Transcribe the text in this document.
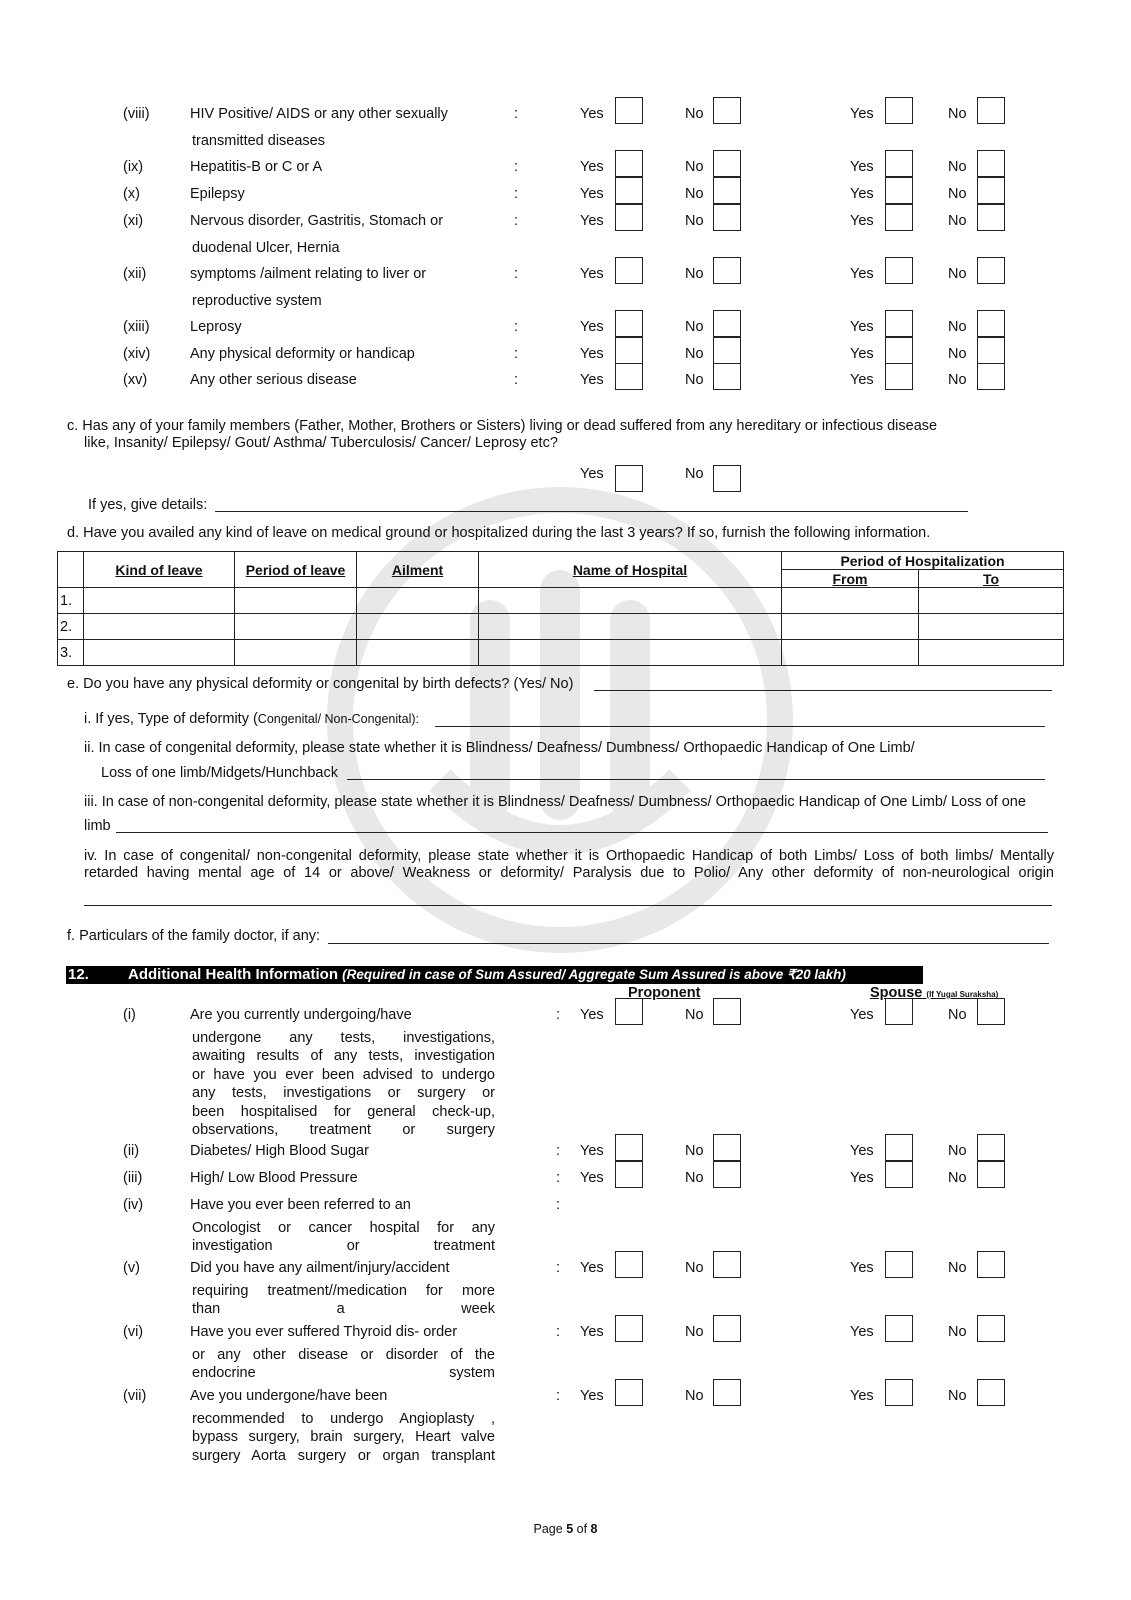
(viii)	HIV Positive/ AIDS or any other sexually
transmitted diseases
:	Yes	No	Yes	No
(ix)	Hepatitis-B or C or A	:	Yes	No	Yes	No
(x)	Epilepsy	:	Yes	No	Yes	No
(xi)	Nervous disorder, Gastritis, Stomach or
duodenal Ulcer, Hernia
:	Yes	No	Yes	No
(xii)	symptoms /ailment relating to liver or
reproductive system
:	Yes	No	Yes	No
(xiii)	Leprosy	:	Yes	No	Yes	No
(xiv)	Any physical deformity or handicap	:	Yes	No	Yes	No
(xv)	Any other serious disease	:	Yes	No	Yes	No
c. Has any of your family members (Father, Mother, Brothers or Sisters) living or dead suffered from any hereditary or infectious disease
like, Insanity/ Epilepsy/ Gout/ Asthma/ Tuberculosis/ Cancer/ Leprosy etc?
Yes	No
If yes, give details:
d. Have you availed any kind of leave on medical ground or hospitalized during the last 3 years? If so, furnish the following information.
	Kind of leave	Period of leave	Ailment	Name of Hospital	Period of Hospitalization	
					From	To
1.						
2.						
3.						
e. Do you have any physical deformity or congenital by birth defects? (Yes/ No)
i. If yes, Type of deformity (Congenital/ Non-Congenital):
ii. In case of congenital deformity, please state whether it is Blindness/ Deafness/ Dumbness/ Orthopaedic Handicap of One Limb/
Loss of one limb/Midgets/Hunchback
iii. In case of non-congenital deformity, please state whether it is Blindness/ Deafness/ Dumbness/ Orthopaedic Handicap of One Limb/ Loss of one
limb
iv. In case of congenital/ non-congenital deformity, please state whether it is Orthopaedic Handicap of both Limbs/ Loss of both limbs/ Mentally
retarded having mental age of 14 or above/ Weakness or deformity/ Paralysis due to Polio/ Any other deformity of non-neurological origin
f. Particulars of the family doctor, if any:
12.	Additional Health Information (Required in case of Sum Assured/ Aggregate Sum Assured is above ₹20 lakh)
Proponent	Spouse (If Yugal Suraksha)
(i)	Are you currently undergoing/have
undergone any tests, investigations,
awaiting results of any tests, investigation
or have you ever been advised to undergo
any tests, investigations or surgery or
been hospitalised for general check-up,
observations, treatment or surgery
: Yes	No	Yes	No
(ii)	Diabetes/ High Blood Sugar	: Yes	No	Yes	No
(iii)	High/ Low Blood Pressure	: Yes	No	Yes	No
(iv)	Have you ever been referred to an
Oncologist or cancer hospital for any
investigation or treatment
:
(v)	Did you have any ailment/injury/accident
requiring treatment//medication for more
than a week
: Yes	No	Yes	No
(vi)	Have you ever suffered Thyroid dis- order
or any other disease or disorder of the
endocrine system
: Yes	No	Yes	No
(vii)	Ave you undergone/have been
recommended to undergo Angioplasty ,
bypass surgery, brain surgery, Heart valve
surgery Aorta surgery or organ transplant
: Yes	No	Yes	No
Page 5 of 8
